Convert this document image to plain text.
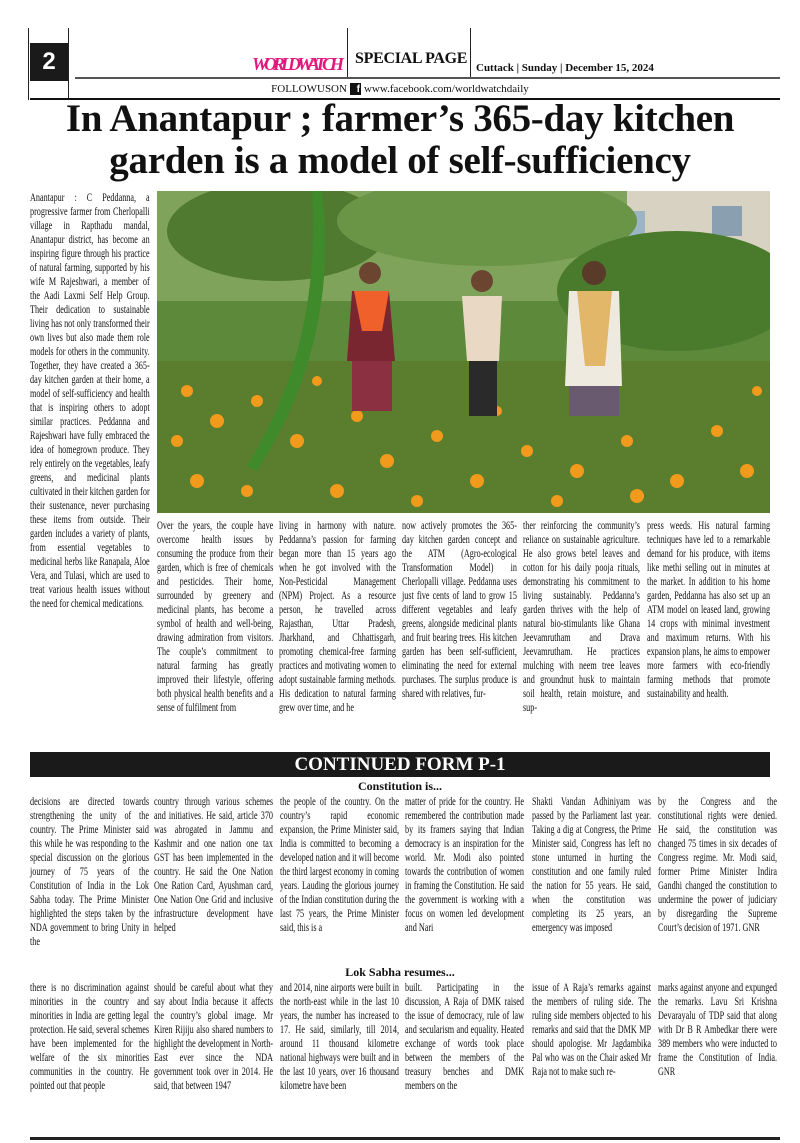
2	WORLD WATCH SPECIAL PAGE
Cuttack | Sunday | December 15, 2024
FOLLOWUSON f www.facebook.com/worldwatchdaily
In Anantapur ; farmer’s 365-day kitchen
garden is a model of self-sufficiency
Anantapur : C Peddanna, a progressive farmer from Cherlopalli village in Rapthadu mandal, Anantapur district, has become an inspiring figure through his practice of natural farming, supported by his wife M Rajeshwari, a member of the Aadi Laxmi Self Help Group. Their dedication to sustainable living has not only transformed their own lives but also made them role models for others in the community. Together, they have created a 365-day kitchen garden at their home, a model of self-sufficiency and health that is inspiring others to adopt similar practices. Peddanna and Rajeshwari have fully embraced the idea of homegrown produce. They rely entirely on the vegetables, leafy greens, and medicinal plants cultivated in their kitchen garden for their sustenance, never purchasing these items from outside. Their garden includes a variety of plants, from essential vegetables to medicinal herbs like Ranapala, Aloe Vera, and Tulasi, which are used to treat various health issues without the need for chemical medications.
Over the years, the couple have overcome health issues by consuming the produce from their garden, which is free of chemicals and pesticides. Their home, surrounded by greenery and medicinal plants, has become a symbol of health and well-being, drawing admiration from visitors. The couple’s commitment to natural farming has greatly improved their lifestyle, offering both physical health benefits and a sense of fulfilment from
living in harmony with nature. Peddanna’s passion for farming began more than 15 years ago when he got involved with the Non-Pesticidal Management (NPM) Project. As a resource person, he travelled across Rajasthan, Uttar Pradesh, Jharkhand, and Chhattisgarh, promoting chemical-free farming practices and motivating women to adopt sustainable farming methods. His dedication to natural farming grew over time, and he
now actively promotes the 365-day kitchen garden concept and the ATM (Agro-ecological Transformation Model) in Cherlopalli village. Peddanna uses just five cents of land to grow 15 different vegetables and leafy greens, alongside medicinal plants and fruit bearing trees. His kitchen garden has been self-sufficient, eliminating the need for external purchases. The surplus produce is shared with relatives, fur-
ther reinforcing the community’s reliance on sustainable agriculture. He also grows betel leaves and cotton for his daily pooja rituals, demonstrating his commitment to living sustainably. Peddanna’s garden thrives with the help of natural bio-stimulants like Ghana Jeevamrutham and Drava Jeevamrutham. He practices mulching with neem tree leaves and groundnut husk to maintain soil health, retain moisture, and sup-
press weeds. His natural farming techniques have led to a remarkable demand for his produce, with items like methi selling out in minutes at the market. In addition to his home garden, Peddanna has also set up an ATM model on leased land, growing 14 crops with minimal investment and maximum returns. With his expansion plans, he aims to empower more farmers with eco-friendly farming methods that promote sustainability and health.
CONTINUED FORM P-1
Constitution is...
decisions are directed towards strengthening the unity of the country. The Prime Minister said this while he was responding to the special discussion on the glorious journey of 75 years of the Constitution of India in the Lok Sabha today. The Prime Minister highlighted the steps taken by the NDA government to bring Unity in the
country through various schemes and initiatives. He said, article 370 was abrogated in Jammu and Kashmir and one nation one tax GST has been implemented in the country. He said the One Nation One Ration Card, Ayushman card, One Nation One Grid and inclusive infrastructure development have helped
the people of the country. On the country’s rapid economic expansion, the Prime Minister said, India is committed to becoming a developed nation and it will become the third largest economy in coming years. Lauding the glorious journey of the Indian constitution during the last 75 years, the Prime Minister said, this is a
matter of pride for the country. He remembered the contribution made by its framers saying that Indian democracy is an inspiration for the world. Mr. Modi also pointed towards the contribution of women in framing the Constitution. He said the government is working with a focus on women led development and Nari
Shakti Vandan Adhiniyam was passed by the Parliament last year. Taking a dig at Congress, the Prime Minister said, Congress has left no stone unturned in hurting the constitution and one family ruled the nation for 55 years. He said, when the constitution was completing its 25 years, an emergency was imposed
by the Congress and the constitutional rights were denied. He said, the constitution was changed 75 times in six decades of Congress regime. Mr. Modi said, former Prime Minister Indira Gandhi changed the constitution to undermine the power of judiciary by disregarding the Supreme Court’s decision of 1971. GNR
Lok Sabha resumes...
there is no discrimination against minorities in the country and minorities in India are getting legal protection. He said, several schemes have been implemented for the welfare of the six minorities communities in the country. He pointed out that people
should be careful about what they say about India because it affects the country’s global image. Mr Kiren Rijiju also shared numbers to highlight the development in North-East ever since the NDA government took over in 2014. He said, that between 1947
and 2014, nine airports were built in the north-east while in the last 10 years, the number has increased to 17. He said, similarly, till 2014, around 11 thousand kilometre national highways were built and in the last 10 years, over 16 thousand kilometre have been
built. Participating in the discussion, A Raja of DMK raised the issue of democracy, rule of law and secularism and equality. Heated exchange of words took place between the members of the treasury benches and DMK members on the
issue of A Raja’s remarks against the members of ruling side. The ruling side members objected to his remarks and said that the DMK MP should apologise. Mr Jagdambika Pal who was on the Chair asked Mr Raja not to make such re-
marks against anyone and expunged the remarks. Lavu Sri Krishna Devarayalu of TDP said that along with Dr B R Ambedkar there were 389 members who were inducted to frame the Constitution of India. GNR
